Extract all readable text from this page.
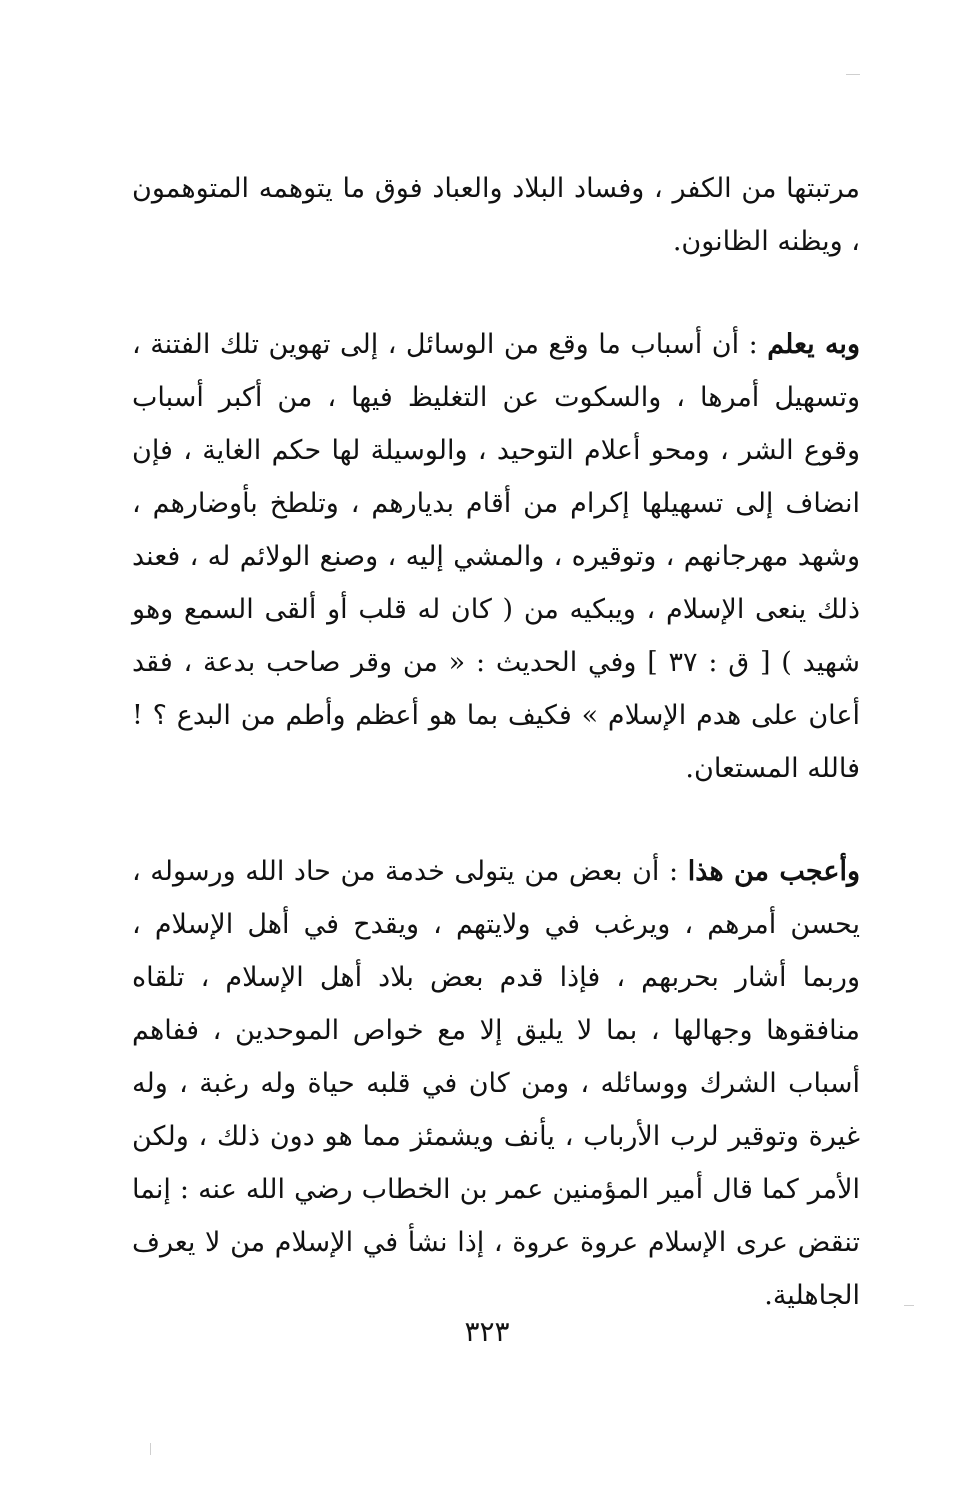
مرتبتها من الكفر ، وفساد البلاد والعباد فوق ما يتوهمه المتوهمون ، ويظنه الظانون.

وبه يعلم : أن أسباب ما وقع من الوسائل ، إلى تهوين تلك الفتنة ، وتسهيل أمرها ، والسكوت عن التغليظ فيها ، من أكبر أسباب وقوع الشر ، ومحو أعلام التوحيد ، والوسيلة لها حكم الغاية ، فإن انضاف إلى تسهيلها إكرام من أقام بديارهم ، وتلطخ بأوضارهم ، وشهد مهرجانهم ، وتوقيره ، والمشي إليه ، وصنع الولائم له ، فعند ذلك ينعى الإسلام ، ويبكيه من ( كان له قلب أو ألقى السمع وهو شهيد ) [ ق : ٣٧ ] وفي الحديث : « من وقر صاحب بدعة ، فقد أعان على هدم الإسلام » فكيف بما هو أعظم وأطم من البدع ؟ ! فالله المستعان.

وأعجب من هذا : أن بعض من يتولى خدمة من حاد الله ورسوله ، يحسن أمرهم ، ويرغب في ولايتهم ، ويقدح في أهل الإسلام ، وربما أشار بحربهم ، فإذا قدم بعض بلاد أهل الإسلام ، تلقاه منافقوها وجهالها ، بما لا يليق إلا مع خواص الموحدين ، ففاهم أسباب الشرك ووسائله ، ومن كان في قلبه حياة وله رغبة ، وله غيرة وتوقير لرب الأرباب ، يأنف ويشمئز مما هو دون ذلك ، ولكن الأمر كما قال أمير المؤمنين عمر بن الخطاب رضي الله عنه : إنما تنقض عرى الإسلام عروة عروة ، إذا نشأ في الإسلام من لا يعرف الجاهلية.

٣٢٣
